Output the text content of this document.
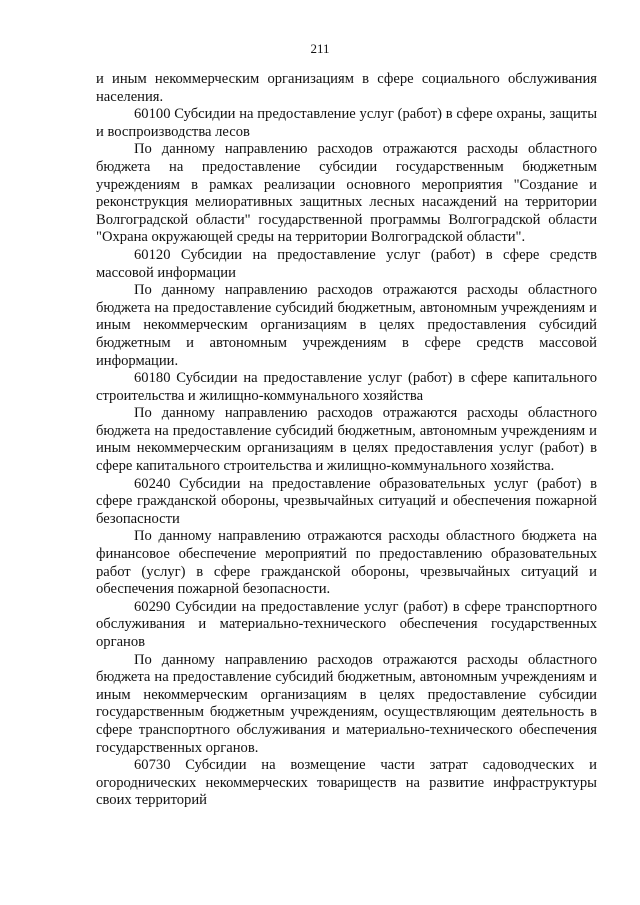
211

и иным некоммерческим организациям в сфере социального обслуживания населения.

60100 Субсидии на предоставление услуг (работ) в сфере охраны, защиты и воспроизводства лесов

По данному направлению расходов отражаются расходы областного бюджета на предоставление субсидии государственным бюджетным учреждениям в рамках реализации основного мероприятия "Создание и реконструкция мелиоративных защитных лесных насаждений на территории Волгоградской области" государственной программы Волгоградской области "Охрана окружающей среды на территории Волгоградской области".

60120 Субсидии на предоставление услуг (работ) в сфере средств массовой информации

По данному направлению расходов отражаются расходы областного бюджета на предоставление субсидий бюджетным, автономным учреждениям и иным некоммерческим организациям в целях предоставления субсидий бюджетным и автономным учреждениям в сфере средств массовой информации.

60180 Субсидии на предоставление услуг (работ) в сфере капитального строительства и жилищно-коммунального хозяйства

По данному направлению расходов отражаются расходы областного бюджета на предоставление субсидий бюджетным, автономным учреждениям и иным некоммерческим организациям в целях предоставления услуг (работ) в сфере капитального строительства и жилищно-коммунального хозяйства.

60240 Субсидии на предоставление образовательных услуг (работ) в сфере гражданской обороны, чрезвычайных ситуаций и обеспечения пожарной безопасности

По данному направлению отражаются расходы областного бюджета на финансовое обеспечение мероприятий по предоставлению образовательных работ (услуг) в сфере гражданской обороны, чрезвычайных ситуаций и обеспечения пожарной безопасности.

60290 Субсидии на предоставление услуг (работ) в сфере транспортного обслуживания и материально-технического обеспечения государственных органов

По данному направлению расходов отражаются расходы областного бюджета на предоставление субсидий бюджетным, автономным учреждениям и иным некоммерческим организациям в целях предоставление субсидии государственным бюджетным учреждениям, осуществляющим деятельность в сфере транспортного обслуживания и материально-технического обеспечения государственных органов.

60730 Субсидии на возмещение части затрат садоводческих и огороднических некоммерческих товариществ на развитие инфраструктуры своих территорий
